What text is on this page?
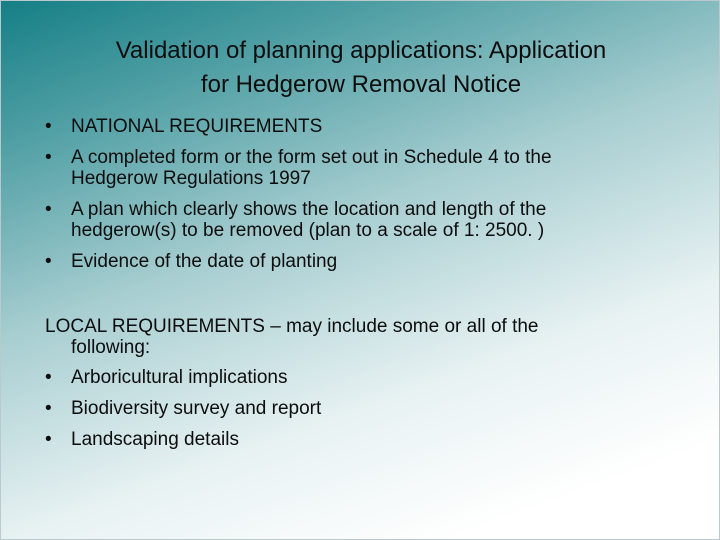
Validation of planning applications: Application
for Hedgerow Removal Notice
• NATIONAL REQUIREMENTS
• A completed form or the form set out in Schedule 4 to the
Hedgerow Regulations 1997
• A plan which clearly shows the location and length of the
hedgerow(s) to be removed (plan to a scale of 1: 2500. )
• Evidence of the date of planting
LOCAL REQUIREMENTS – may include some or all of the
following:
• Arboricultural implications
• Biodiversity survey and report
• Landscaping details
